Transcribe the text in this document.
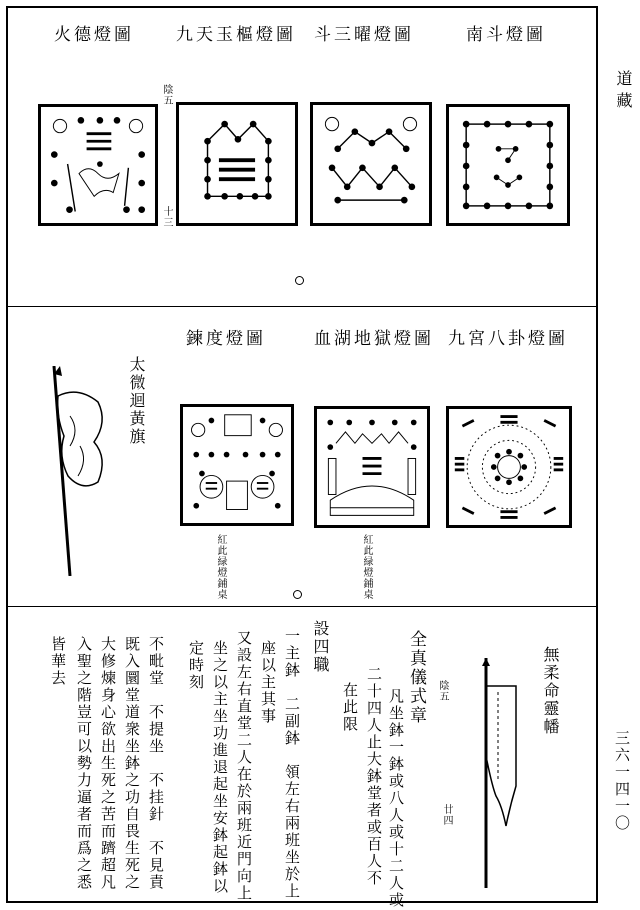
道藏
三六一四一〇
火德燈圖 九天玉樞燈圖 斗三曜燈圖	南斗燈圖
陰五
十三
廿四
鍊度燈圖	血湖地獄燈圖 九宮八卦燈圖
太微迴黃旗
紅此緑燈鋪桌	紅此緑燈鋪桌
無柔命靈幡
全真儀式章 陰五
凡坐鉢一鉢或八人或十二人或
二十四人止大鉢堂者或百人不
在此限
設四職
一主鉢　二副鉢　領左右兩班坐於上
座以主其事
又設左右直堂二人在於兩班近門向上
坐之以主坐功進退起坐安鉢起鉢以
定時刻
不毗堂　不提坐　不挂針　不見責
既入圜堂道衆坐鉢之功自畏生死之
大修煉身心欲出生死之苦而躋超凡
入聖之階豈可以勢力逼者而爲之悉
皆華去
